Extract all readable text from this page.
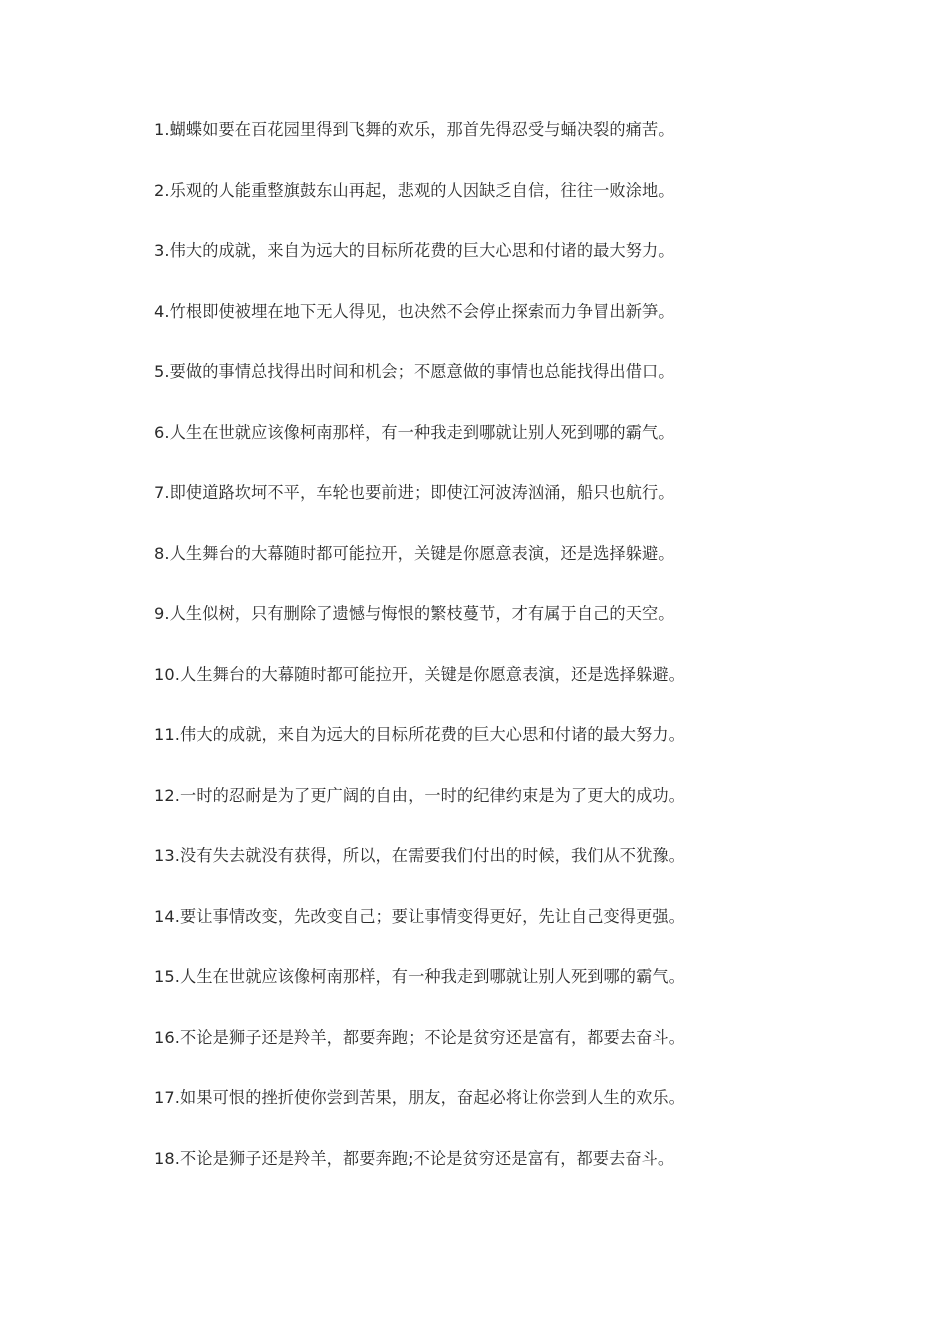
1.蝴蝶如要在百花园里得到飞舞的欢乐，那首先得忍受与蛹决裂的痛苦。
2.乐观的人能重整旗鼓东山再起，悲观的人因缺乏自信，往往一败涂地。
3.伟大的成就，来自为远大的目标所花费的巨大心思和付诸的最大努力。
4.竹根即使被埋在地下无人得见，也决然不会停止探索而力争冒出新笋。
5.要做的事情总找得出时间和机会；不愿意做的事情也总能找得出借口。
6.人生在世就应该像柯南那样，有一种我走到哪就让别人死到哪的霸气。
7.即使道路坎坷不平，车轮也要前进；即使江河波涛汹涌，船只也航行。
8.人生舞台的大幕随时都可能拉开，关键是你愿意表演，还是选择躲避。
9.人生似树，只有删除了遗憾与悔恨的繁枝蔓节，才有属于自己的天空。
10.人生舞台的大幕随时都可能拉开，关键是你愿意表演，还是选择躲避。
11.伟大的成就，来自为远大的目标所花费的巨大心思和付诸的最大努力。
12.一时的忍耐是为了更广阔的自由，一时的纪律约束是为了更大的成功。
13.没有失去就没有获得，所以，在需要我们付出的时候，我们从不犹豫。
14.要让事情改变，先改变自己；要让事情变得更好，先让自己变得更强。
15.人生在世就应该像柯南那样，有一种我走到哪就让别人死到哪的霸气。
16.不论是狮子还是羚羊，都要奔跑；不论是贫穷还是富有，都要去奋斗。
17.如果可恨的挫折使你尝到苦果，朋友，奋起必将让你尝到人生的欢乐。
18.不论是狮子还是羚羊，都要奔跑;不论是贫穷还是富有，都要去奋斗。
